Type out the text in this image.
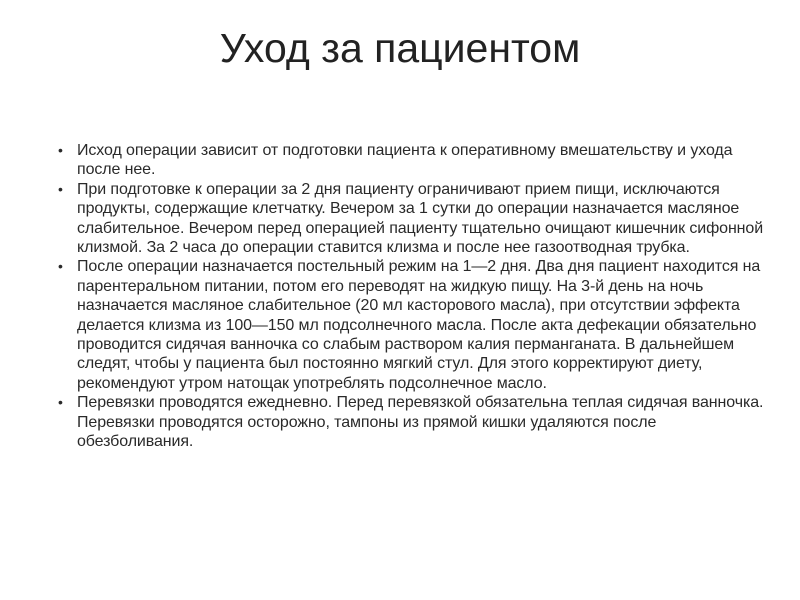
Уход за пациентом
• Исход операции зависит от подготовки пациента к оперативному вмешательству и ухода после нее.
• При подготовке к операции за 2 дня пациенту ограничивают прием пищи, исключаются продукты, содержащие клетчатку. Вечером за 1 сутки до операции назначается масляное слабительное. Вечером перед операцией пациенту тщательно очищают кишечник сифонной клизмой. За 2 часа до операции ставится клизма и после нее газоотводная трубка.
• После операции назначается постельный режим на 1—2 дня. Два дня пациент находится на парентеральном питании, потом его переводят на жидкую пищу. На 3-й день на ночь назначается масляное слабительное (20 мл касторового масла), при отсутствии эффекта делается клизма из 100—150 мл подсолнечного масла. После акта дефекации обязательно проводится сидячая ванночка со слабым раствором калия перманганата. В дальнейшем следят, чтобы у пациента был постоянно мягкий стул. Для этого корректируют диету, рекомендуют утром натощак употреблять подсолнечное масло.
• Перевязки проводятся ежедневно. Перед перевязкой обязательна теплая сидячая ванночка. Перевязки проводятся осторожно, тампоны из прямой кишки удаляются после обезболивания.
